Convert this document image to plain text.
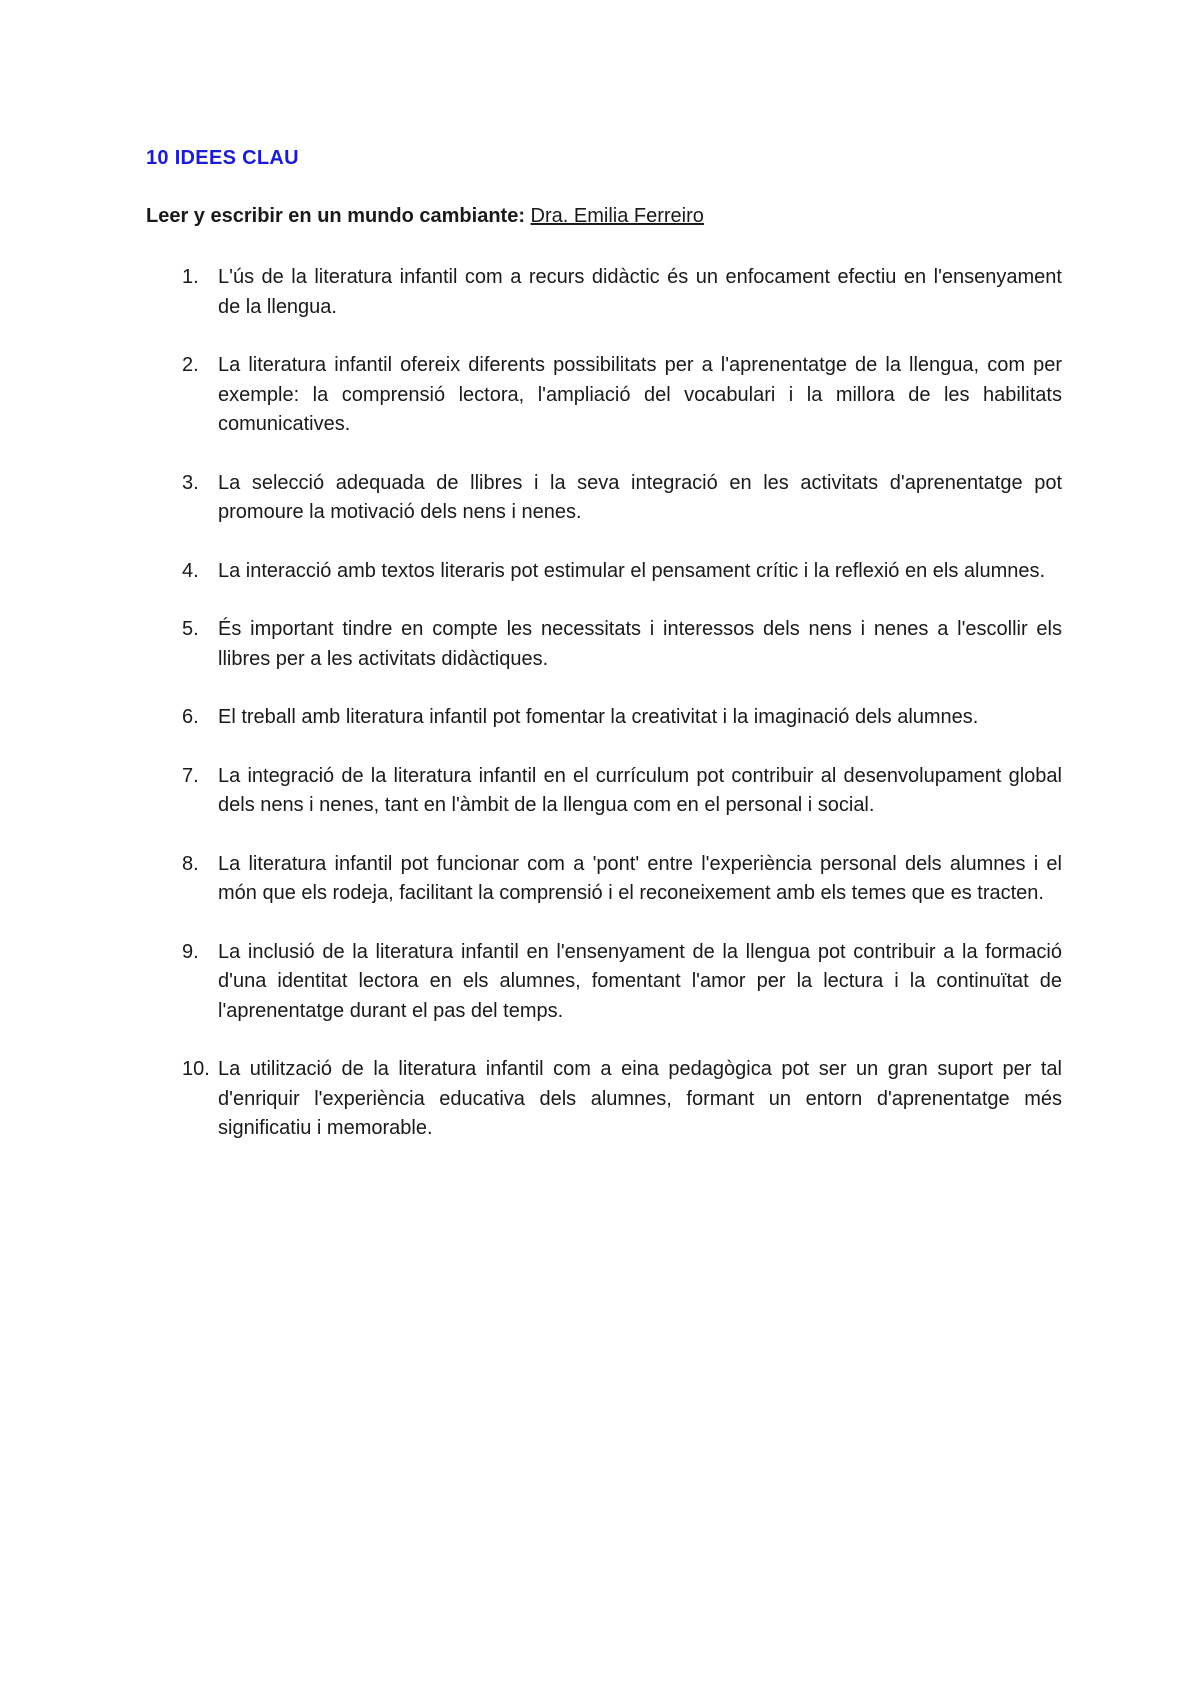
10 IDEES CLAU

Leer y escribir en un mundo cambiante: Dra. Emilia Ferreiro

1. L'ús de la literatura infantil com a recurs didàctic és un enfocament efectiu en l'ensenyament de la llengua.
2. La literatura infantil ofereix diferents possibilitats per a l'aprenentatge de la llengua, com per exemple: la comprensió lectora, l'ampliació del vocabulari i la millora de les habilitats comunicatives.
3. La selecció adequada de llibres i la seva integració en les activitats d'aprenentatge pot promoure la motivació dels nens i nenes.
4. La interacció amb textos literaris pot estimular el pensament crític i la reflexió en els alumnes.
5. És important tindre en compte les necessitats i interessos dels nens i nenes a l'escollir els llibres per a les activitats didàctiques.
6. El treball amb literatura infantil pot fomentar la creativitat i la imaginació dels alumnes.
7. La integració de la literatura infantil en el currículum pot contribuir al desenvolupament global dels nens i nenes, tant en l'àmbit de la llengua com en el personal i social.
8. La literatura infantil pot funcionar com a 'pont' entre l'experiència personal dels alumnes i el món que els rodeja, facilitant la comprensió i el reconeixement amb els temes que es tracten.
9. La inclusió de la literatura infantil en l'ensenyament de la llengua pot contribuir a la formació d'una identitat lectora en els alumnes, fomentant l'amor per la lectura i la continuïtat de l'aprenentatge durant el pas del temps.
10. La utilització de la literatura infantil com a eina pedagògica pot ser un gran suport per tal d'enriquir l'experiència educativa dels alumnes, formant un entorn d'aprenentatge més significatiu i memorable.
